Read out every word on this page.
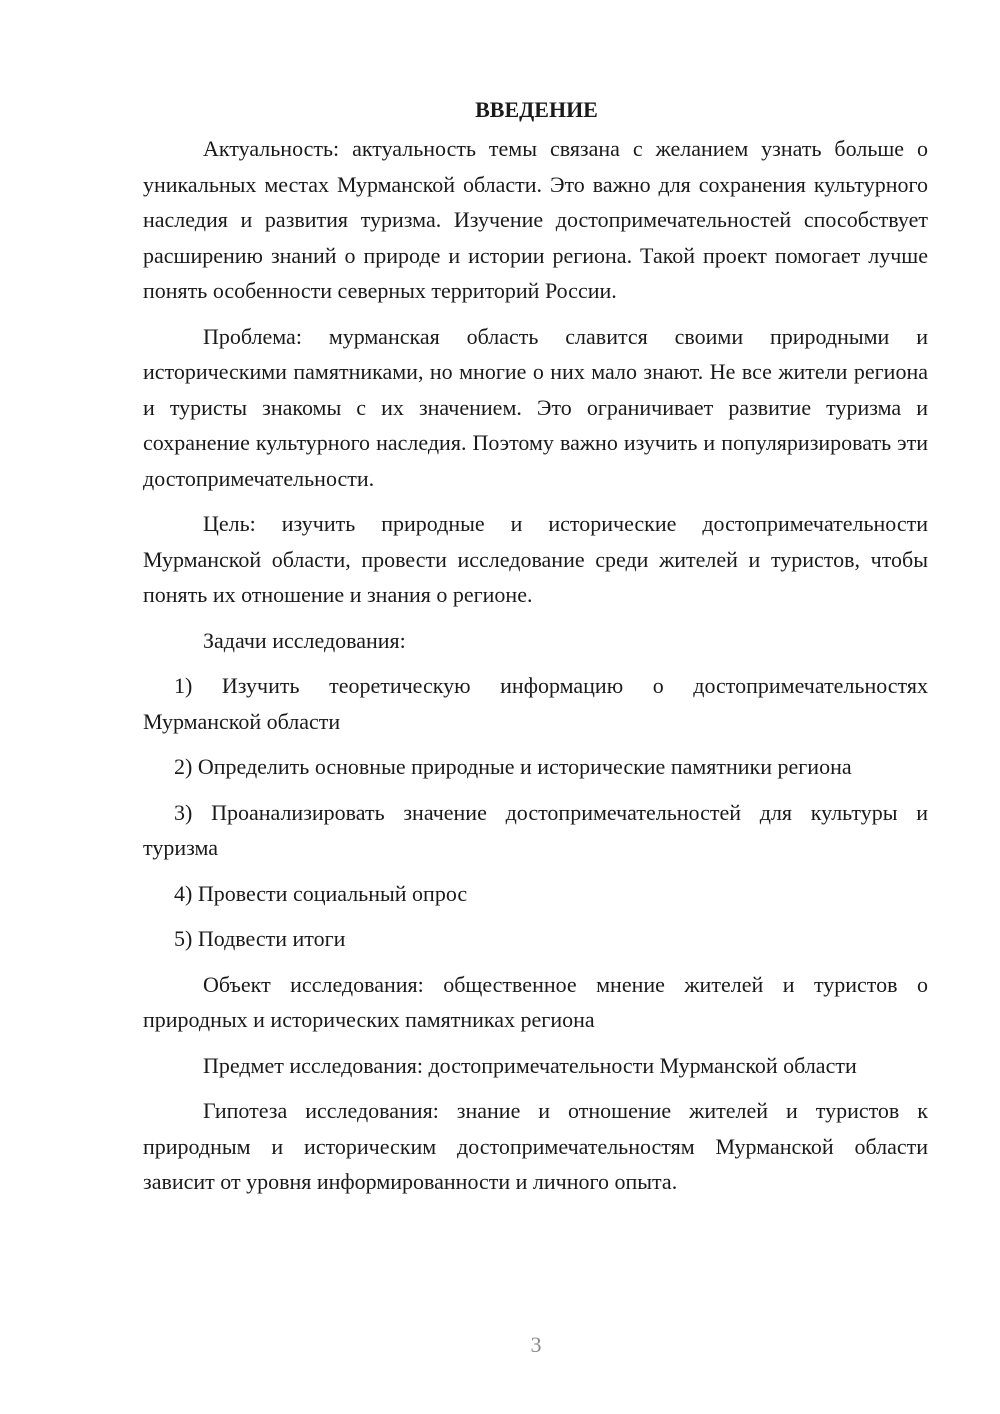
ВВЕДЕНИЕ

Актуальность: актуальность темы связана с желанием узнать больше о уникальных местах Мурманской области. Это важно для сохранения культурного наследия и развития туризма. Изучение достопримечательностей способствует расширению знаний о природе и истории региона. Такой проект помогает лучше понять особенности северных территорий России.

Проблема: мурманская область славится своими природными и историческими памятниками, но многие о них мало знают. Не все жители региона и туристы знакомы с их значением. Это ограничивает развитие туризма и сохранение культурного наследия. Поэтому важно изучить и популяризировать эти достопримечательности.

Цель: изучить природные и исторические достопримечательности Мурманской области, провести исследование среди жителей и туристов, чтобы понять их отношение и знания о регионе.

Задачи исследования:

1) Изучить теоретическую информацию о достопримечательностях Мурманской области

2) Определить основные природные и исторические памятники региона

3) Проанализировать значение достопримечательностей для культуры и туризма

4) Провести социальный опрос

5) Подвести итоги

Объект исследования: общественное мнение жителей и туристов о природных и исторических памятниках региона

Предмет исследования: достопримечательности Мурманской области

Гипотеза исследования: знание и отношение жителей и туристов к природным и историческим достопримечательностям Мурманской области зависит от уровня информированности и личного опыта.

3
